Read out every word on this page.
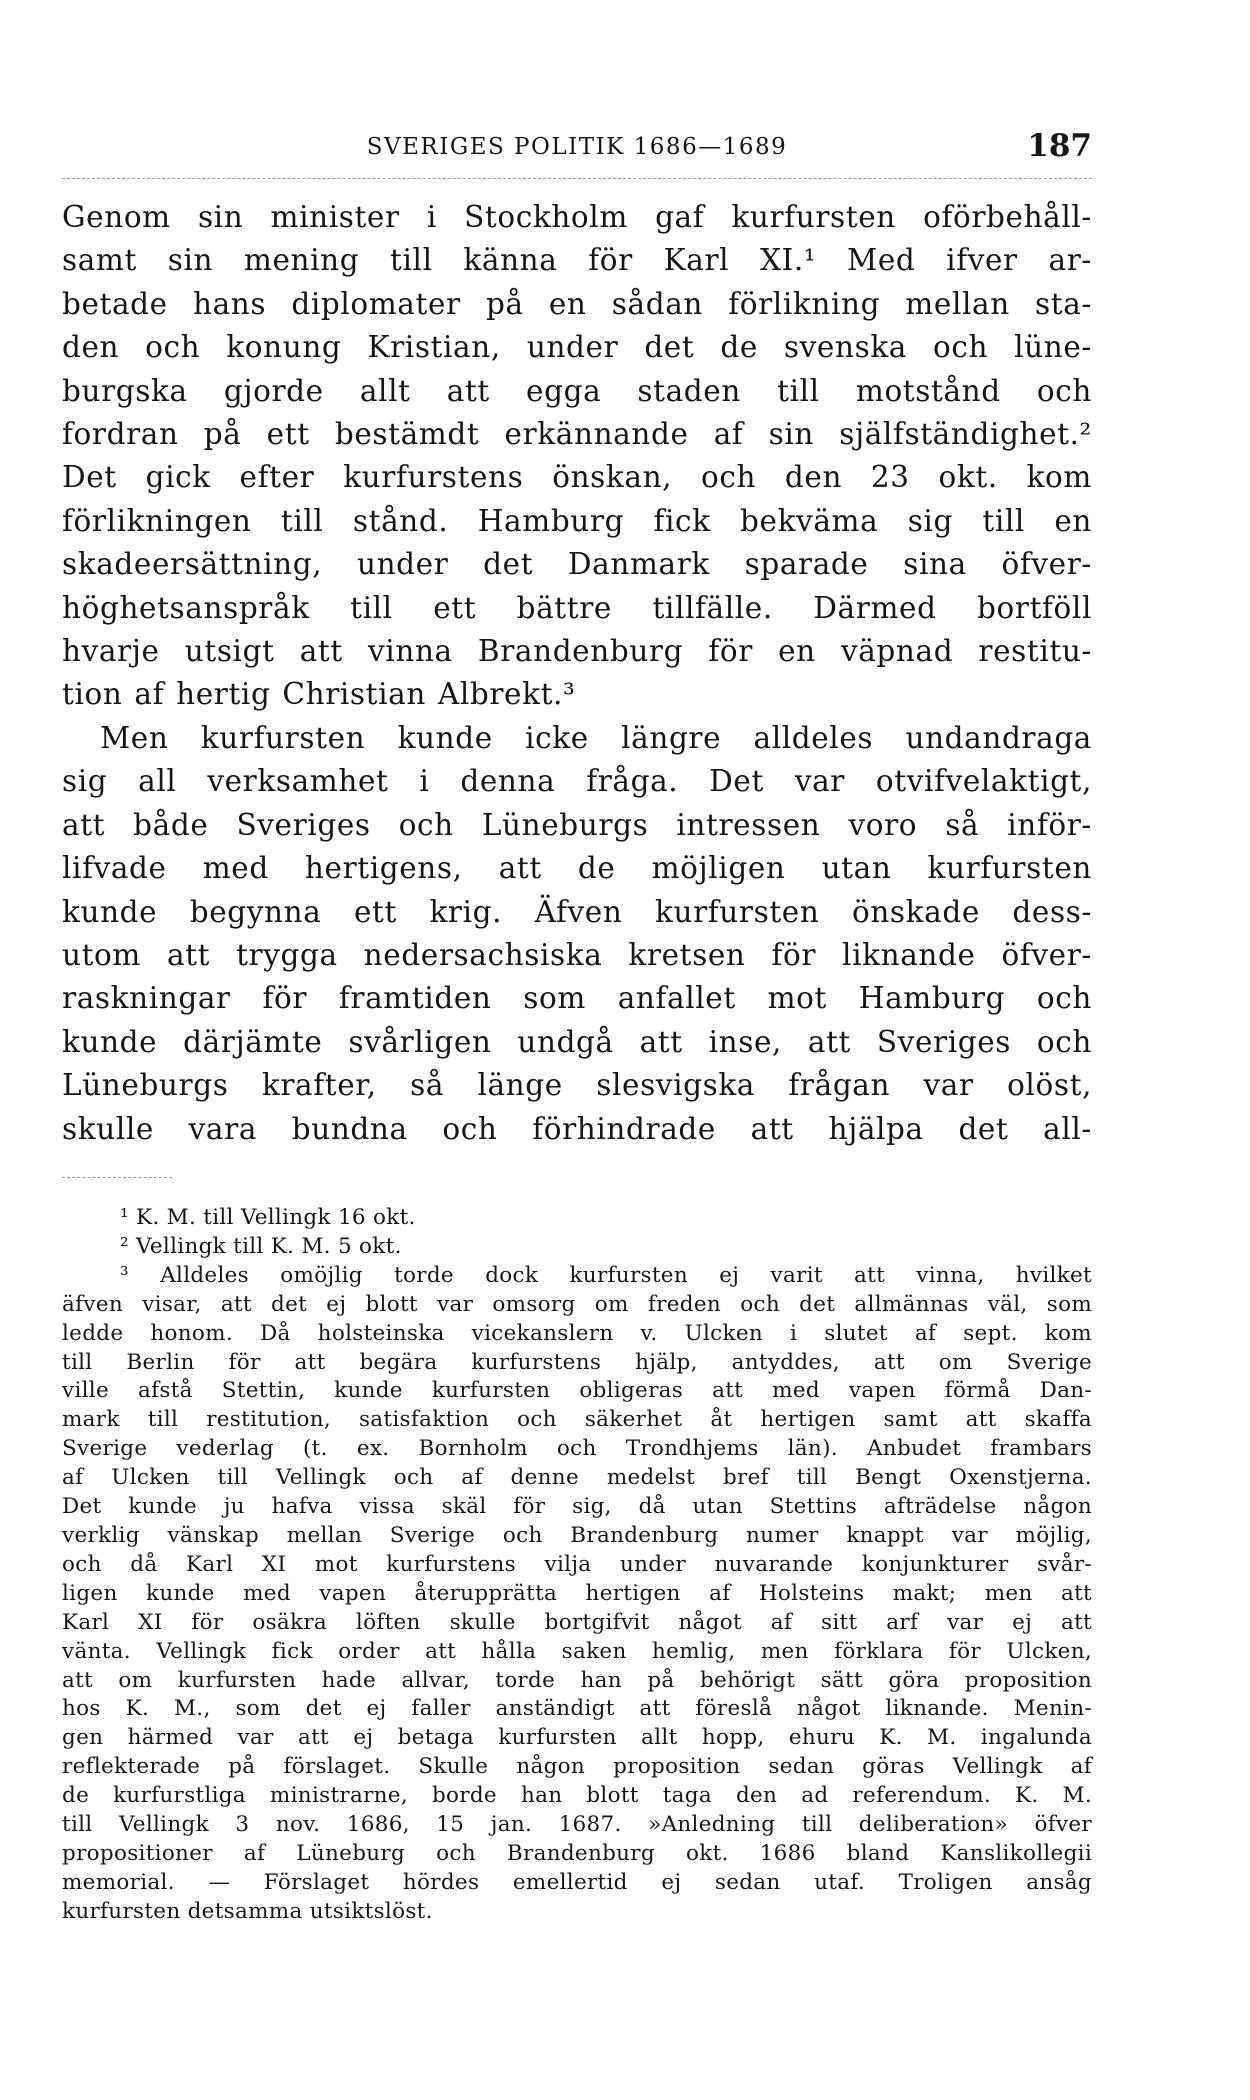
SVERIGES POLITIK 1686—1689	187
Genom sin minister i Stockholm gaf kurfursten oförbehåll-
samt sin mening till känna för Karl XI.¹ Med ifver ar-
betade hans diplomater på en sådan förlikning mellan sta-
den och konung Kristian, under det de svenska och lüne-
burgska gjorde allt att egga staden till motstånd och
fordran på ett bestämdt erkännande af sin själfständighet.²
Det gick efter kurfurstens önskan, och den 23 okt. kom
förlikningen till stånd. Hamburg fick bekväma sig till en
skadeersättning, under det Danmark sparade sina öfver-
höghetsanspråk till ett bättre tillfälle. Därmed bortföll
hvarje utsigt att vinna Brandenburg för en väpnad restitu-
tion af hertig Christian Albrekt.³
Men kurfursten kunde icke längre alldeles undandraga
sig all verksamhet i denna fråga. Det var otvifvelaktigt,
att både Sveriges och Lüneburgs intressen voro så inför-
lifvade med hertigens, att de möjligen utan kurfursten
kunde begynna ett krig. Äfven kurfursten önskade dess-
utom att trygga nedersachsiska kretsen för liknande öfver-
raskningar för framtiden som anfallet mot Hamburg och
kunde därjämte svårligen undgå att inse, att Sveriges och
Lüneburgs krafter, så länge slesvigska frågan var olöst,
skulle vara bundna och förhindrade att hjälpa det all-
¹ K. M. till Vellingk 16 okt.
² Vellingk till K. M. 5 okt.
³ Alldeles omöjlig torde dock kurfursten ej varit att vinna, hvilket
äfven visar, att det ej blott var omsorg om freden och det allmännas väl, som
ledde honom. Då holsteinska vicekanslern v. Ulcken i slutet af sept. kom
till Berlin för att begära kurfurstens hjälp, antyddes, att om Sverige
ville afstå Stettin, kunde kurfursten obligeras att med vapen förmå Dan-
mark till restitution, satisfaktion och säkerhet åt hertigen samt att skaffa
Sverige vederlag (t. ex. Bornholm och Trondhjems län). Anbudet frambars
af Ulcken till Vellingk och af denne medelst bref till Bengt Oxenstjerna.
Det kunde ju hafva vissa skäl för sig, då utan Stettins afträdelse någon
verklig vänskap mellan Sverige och Brandenburg numer knappt var möjlig,
och då Karl XI mot kurfurstens vilja under nuvarande konjunkturer svår-
ligen kunde med vapen återupprätta hertigen af Holsteins makt; men att
Karl XI för osäkra löften skulle bortgifvit något af sitt arf var ej att
vänta. Vellingk fick order att hålla saken hemlig, men förklara för Ulcken,
att om kurfursten hade allvar, torde han på behörigt sätt göra proposition
hos K. M., som det ej faller anständigt att föreslå något liknande. Menin-
gen härmed var att ej betaga kurfursten allt hopp, ehuru K. M. ingalunda
reflekterade på förslaget. Skulle någon proposition sedan göras Vellingk af
de kurfurstliga ministrarne, borde han blott taga den ad referendum. K. M.
till Vellingk 3 nov. 1686, 15 jan. 1687. »Anledning till deliberation» öfver
propositioner af Lüneburg och Brandenburg okt. 1686 bland Kanslikollegii
memorial. — Förslaget hördes emellertid ej sedan utaf. Troligen ansåg
kurfursten detsamma utsiktslöst.
